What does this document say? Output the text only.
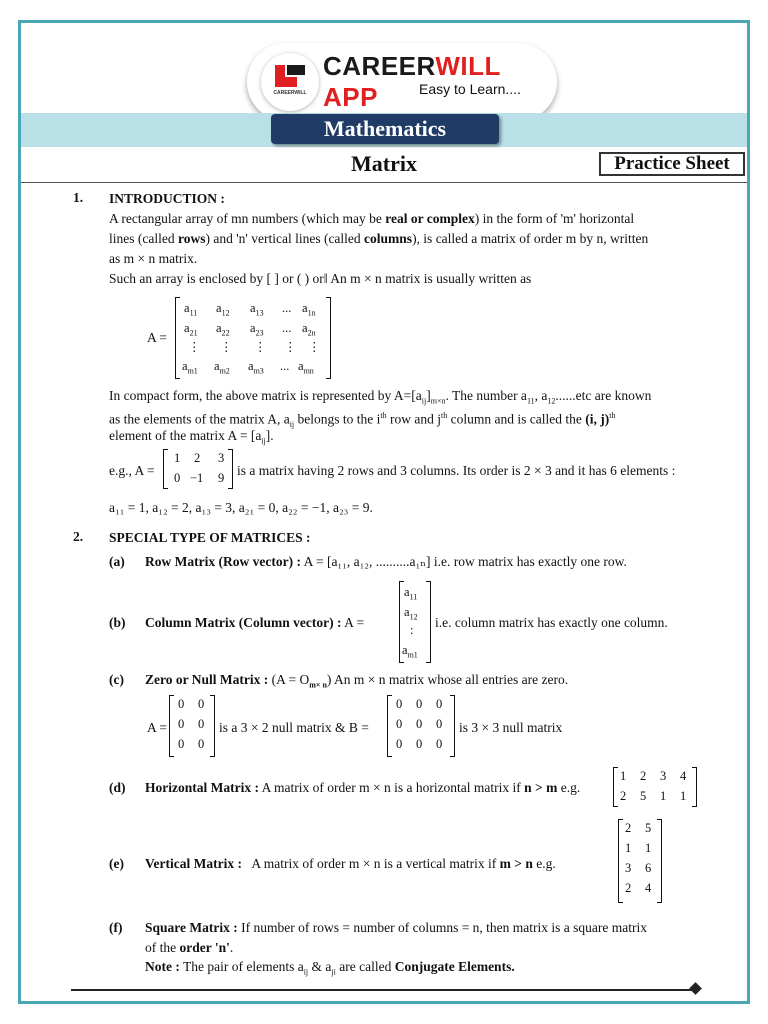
CAREERWILL
CAREERWILL APP	Easy to Learn....
Mathematics
Matrix	Practice Sheet
1. INTRODUCTION :
A rectangular array of mn numbers (which may be real or complex) in the form of 'm' horizontal
lines (called rows) and 'n' vertical lines (called columns), is called a matrix of order m by n, written
as m × n matrix.
Such an array is enclosed by [ ] or ( ) or‖ An m × n matrix is usually written as
A =
$a_{11}$ $a_{12}$ $a_{13}$ ... $a_{1n}$
$a_{21}$ $a_{22}$ $a_{23}$ ... $a_{2n}$
⋮ ⋮ ⋮ ⋮ ⋮
$a_{m1}$ $a_{m2}$ $a_{m3}$ ... $a_{mn}$
In compact form, the above matrix is represented by $A=[a_{ij}]_{m\times n}$. The number $a_{11}$, $a_{12}......etc$ are known
as the elements of the matrix A, $a_{ij}$ belongs to the $i^{th}$ row and $j^{th}$ column and is called the (i, j)$^{th}$
element of the matrix $A = [a_{ij}]$.
e.g., A =
1 2 3
0 −1 9 is a matrix having 2 rows and 3 columns. Its order is 2 × 3 and it has 6 elements :
a₁₁ = 1, a₁₂ = 2, a₁₃ = 3, a₂₁ = 0, a₂₂ = −1, a₂₃ = 9.
2. SPECIAL TYPE OF MATRICES :
(a) Row Matrix (Row vector) : A = [a₁₁, a₁₂, ..........a₁ₙ] i.e. row matrix has exactly one row.
(b) Column Matrix (Column vector) : A =
$a_{11}$
$a_{12}$
:
$a_{m1}$
i.e. column matrix has exactly one column.
(c) Zero or Null Matrix : $(A = O_{m\times n})$ An m × n matrix whose all entries are zero.
A =
0 0
0 0
0 0
is a 3 × 2 null matrix & B =
0 0 0
0 0 0
0 0 0
is 3 × 3 null matrix
(d) Horizontal Matrix : A matrix of order m × n is a horizontal matrix if n > m e.g.
1 2 3 4
2 5 1 1
(e) Vertical Matrix : A matrix of order m × n is a vertical matrix if m > n e.g.
2 5
1 1
3 6
2 4
(f) Square Matrix : If number of rows = number of columns = n, then matrix is a square matrix
of the order 'n'.
Note : The pair of elements $a_{ij}$ & $a_{ji}$ are called Conjugate Elements.
